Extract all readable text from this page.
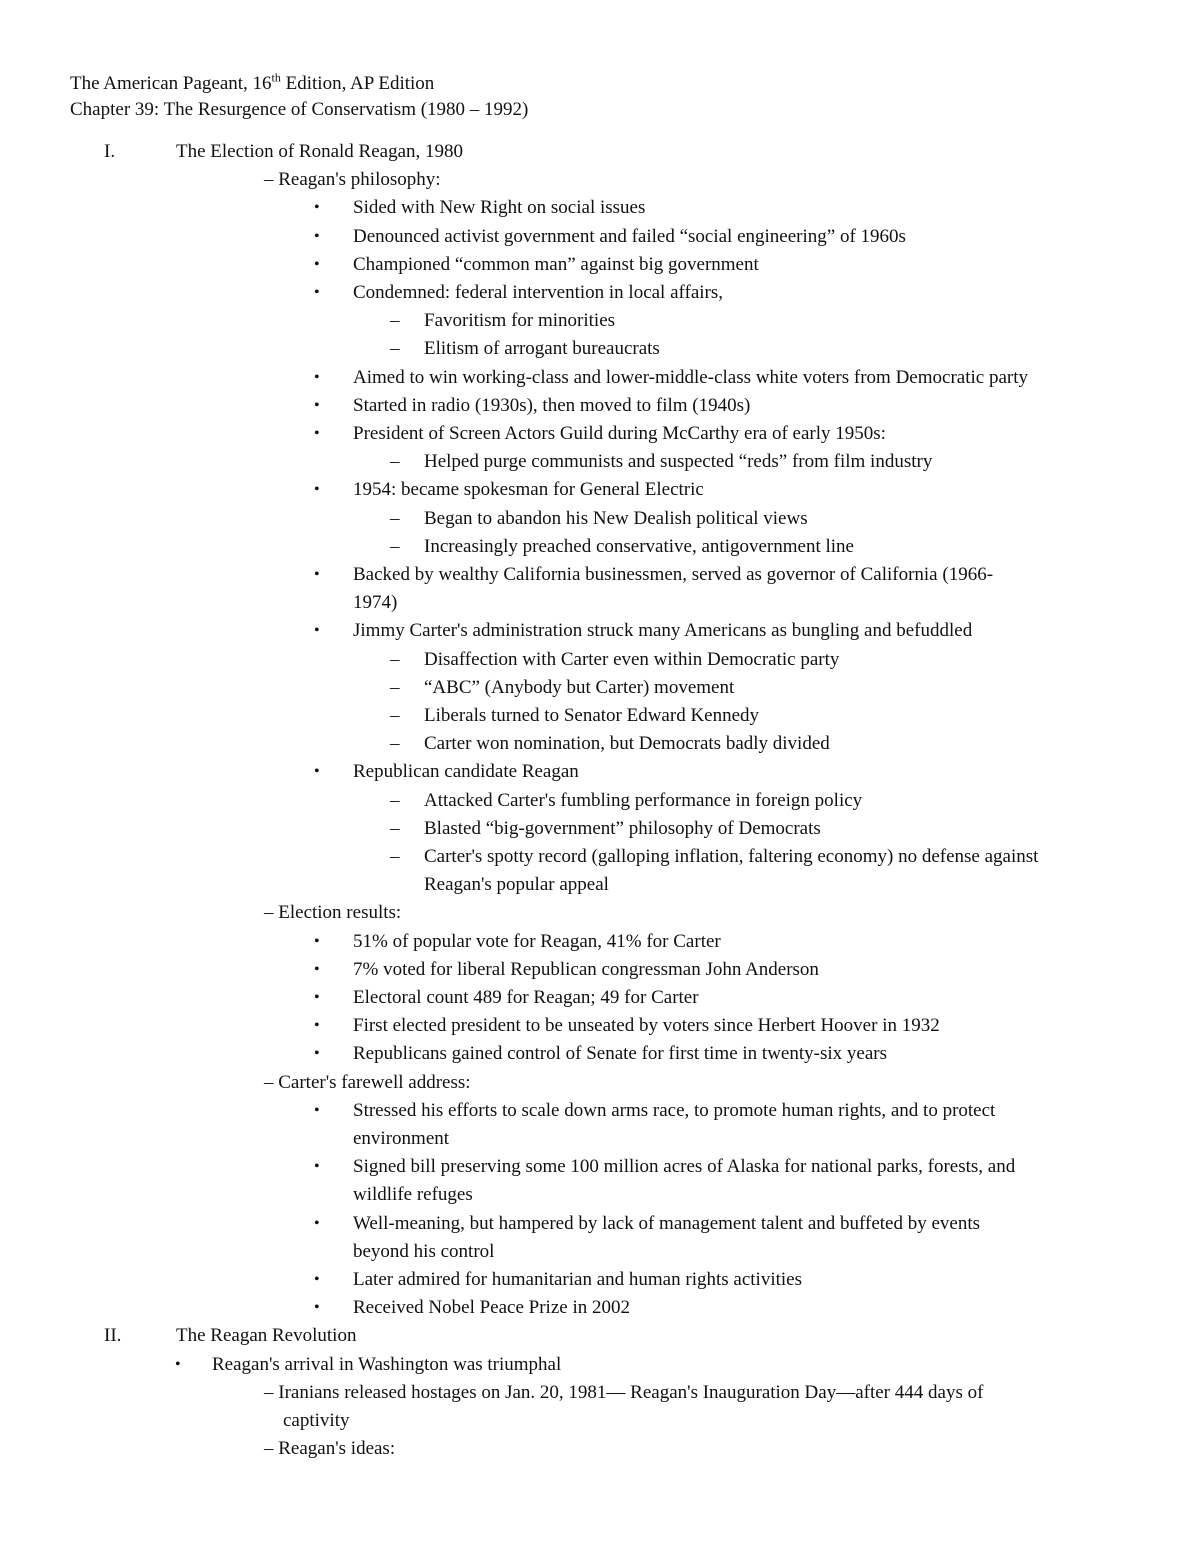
The American Pageant, 16th Edition, AP Edition
Chapter 39: The Resurgence of Conservatism (1980 – 1992)
I.	The Election of Ronald Reagan, 1980
– Reagan's philosophy:
• Sided with New Right on social issues
• Denounced activist government and failed “social engineering” of 1960s
• Championed “common man” against big government
• Condemned: federal intervention in local affairs,
– Favoritism for minorities
– Elitism of arrogant bureaucrats
• Aimed to win working-class and lower-middle-class white voters from Democratic party
• Started in radio (1930s), then moved to film (1940s)
• President of Screen Actors Guild during McCarthy era of early 1950s:
– Helped purge communists and suspected “reds” from film industry
• 1954: became spokesman for General Electric
– Began to abandon his New Dealish political views
– Increasingly preached conservative, antigovernment line
• Backed by wealthy California businessmen, served as governor of California (1966-
1974)
• Jimmy Carter's administration struck many Americans as bungling and befuddled
– Disaffection with Carter even within Democratic party
– “ABC” (Anybody but Carter) movement
– Liberals turned to Senator Edward Kennedy
– Carter won nomination, but Democrats badly divided
• Republican candidate Reagan
– Attacked Carter's fumbling performance in foreign policy
– Blasted “big-government” philosophy of Democrats
– Carter's spotty record (galloping inflation, faltering economy) no defense against
Reagan's popular appeal
– Election results:
• 51% of popular vote for Reagan, 41% for Carter
• 7% voted for liberal Republican congressman John Anderson
• Electoral count 489 for Reagan; 49 for Carter
• First elected president to be unseated by voters since Herbert Hoover in 1932
• Republicans gained control of Senate for first time in twenty-six years
– Carter's farewell address:
• Stressed his efforts to scale down arms race, to promote human rights, and to protect
environment
• Signed bill preserving some 100 million acres of Alaska for national parks, forests, and
wildlife refuges
• Well-meaning, but hampered by lack of management talent and buffeted by events
beyond his control
• Later admired for humanitarian and human rights activities
• Received Nobel Peace Prize in 2002
II.	The Reagan Revolution
• Reagan's arrival in Washington was triumphal
– Iranians released hostages on Jan. 20, 1981— Reagan's Inauguration Day—after 444 days of
captivity
– Reagan's ideas:
